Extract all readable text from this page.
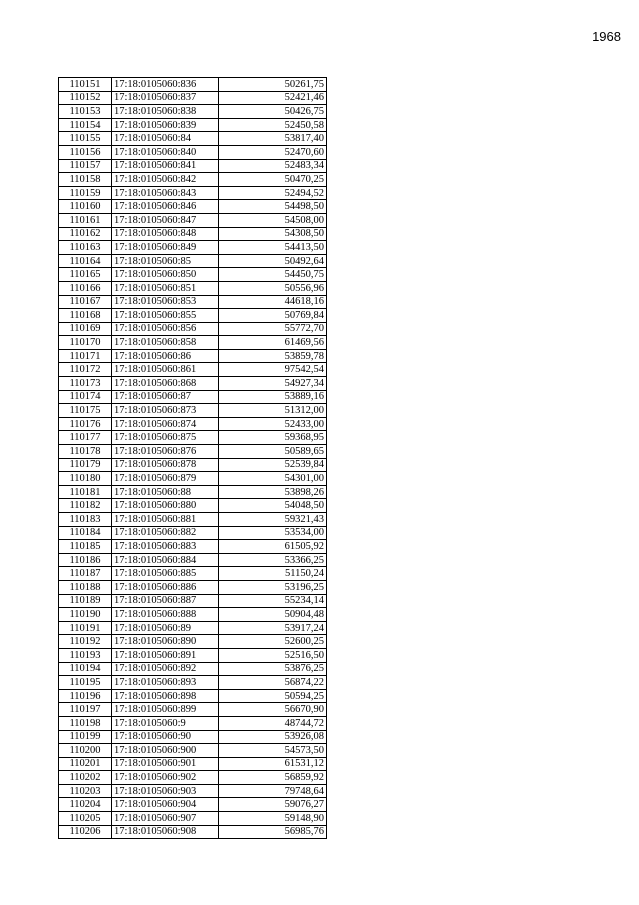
1968
110151	17:18:0105060:836	50261,75
110152	17:18:0105060:837	52421,46
110153	17:18:0105060:838	50426,75
110154	17:18:0105060:839	52450,58
110155	17:18:0105060:84	53817,40
110156	17:18:0105060:840	52470,60
110157	17:18:0105060:841	52483,34
110158	17:18:0105060:842	50470,25
110159	17:18:0105060:843	52494,52
110160	17:18:0105060:846	54498,50
110161	17:18:0105060:847	54508,00
110162	17:18:0105060:848	54308,50
110163	17:18:0105060:849	54413,50
110164	17:18:0105060:85	50492,64
110165	17:18:0105060:850	54450,75
110166	17:18:0105060:851	50556,96
110167	17:18:0105060:853	44618,16
110168	17:18:0105060:855	50769,84
110169	17:18:0105060:856	55772,70
110170	17:18:0105060:858	61469,56
110171	17:18:0105060:86	53859,78
110172	17:18:0105060:861	97542,54
110173	17:18:0105060:868	54927,34
110174	17:18:0105060:87	53889,16
110175	17:18:0105060:873	51312,00
110176	17:18:0105060:874	52433,00
110177	17:18:0105060:875	59368,95
110178	17:18:0105060:876	50589,65
110179	17:18:0105060:878	52539,84
110180	17:18:0105060:879	54301,00
110181	17:18:0105060:88	53898,26
110182	17:18:0105060:880	54048,50
110183	17:18:0105060:881	59321,43
110184	17:18:0105060:882	53534,00
110185	17:18:0105060:883	61505,92
110186	17:18:0105060:884	53366,25
110187	17:18:0105060:885	51150,24
110188	17:18:0105060:886	53196,25
110189	17:18:0105060:887	55234,14
110190	17:18:0105060:888	50904,48
110191	17:18:0105060:89	53917,24
110192	17:18:0105060:890	52600,25
110193	17:18:0105060:891	52516,50
110194	17:18:0105060:892	53876,25
110195	17:18:0105060:893	56874,22
110196	17:18:0105060:898	50594,25
110197	17:18:0105060:899	56670,90
110198	17:18:0105060:9	48744,72
110199	17:18:0105060:90	53926,08
110200	17:18:0105060:900	54573,50
110201	17:18:0105060:901	61531,12
110202	17:18:0105060:902	56859,92
110203	17:18:0105060:903	79748,64
110204	17:18:0105060:904	59076,27
110205	17:18:0105060:907	59148,90
110206	17:18:0105060:908	56985,76
